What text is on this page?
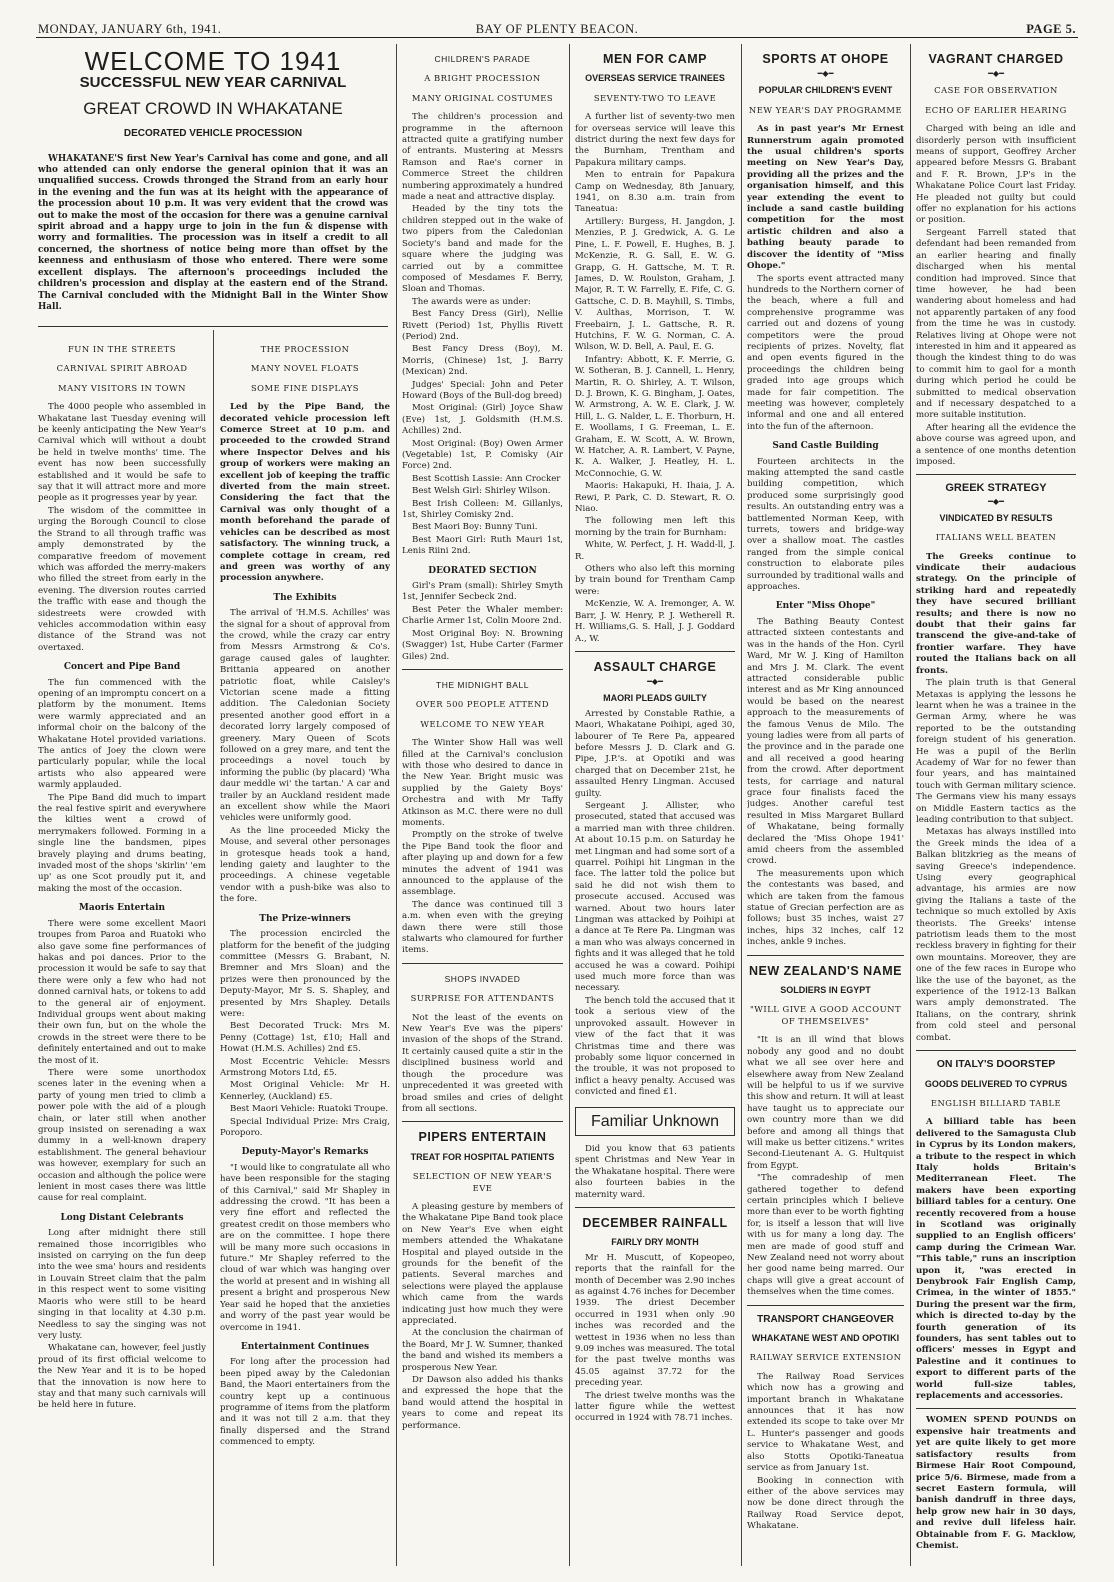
MONDAY, JANUARY 6th, 1941.	BAY OF PLENTY BEACON.	PAGE 5.
WELCOME TO 1941
SUCCESSFUL NEW YEAR CARNIVAL
GREAT CROWD IN WHAKATANE
DECORATED VEHICLE PROCESSION

WHAKATANE'S first New Year's Carnival has come and gone, and all who attended can only endorse the general opinion that it was an unqualified success. Crowds thronged the Strand from an early hour in the evening and the fun was at its height with the appearance of the procession about 10 p.m. It was very evident that the crowd was out to make the most of the occasion for there was a genuine carnival spirit abroad and a happy urge to join in the fun & dispense with worry and formalities. The procession was in itself a credit to all concerned, the shortness of notice being more than offset by the keenness and enthusiasm of those who entered. There were some excellent displays. The afternoon's proceedings included the children's procession and display at the eastern end of the Strand. The Carnival concluded with the Midnight Ball in the Winter Show Hall.

FUN IN THE STREETS
CARNIVAL SPIRIT ABROAD
MANY VISITORS IN TOWN

The 4000 people who assembled in Whakatane last Tuesday evening will be keenly anticipating the New Year's Carnival which will without a doubt be held in twelve months' time. The event has now been successfully established and it would be safe to say that it will attract more and more people as it progresses year by year.

The wisdom of the committee in urging the Borough Council to close the Strand to all through traffic was amply demonstrated by the comparative freedom of movement which was afforded the merry-makers who filled the street from early in the evening. The diversion routes carried the traffic with ease and though the sidestreets were crowded with vehicles accommodation within easy distance of the Strand was not overtaxed.

Concert and Pipe Band

The fun commenced with the opening of an impromptu concert on a platform by the monument. Items were warmly appreciated and an informal choir on the balcony of the Whakatane Hotel provided variations. The antics of Joey the clown were particularly popular, while the local artists who also appeared were warmly applauded.

The Pipe Band did much to impart the real festive spirit and everywhere the kilties went a crowd of merrymakers followed. Forming in a single line the bandsmen, pipes bravely playing and drums beating, invaded most of the shops 'skirlin' 'em up' as one Scot proudly put it, and making the most of the occasion.

Maoris Entertain

There were some excellent Maori troupes from Paroa and Ruatoki who also gave some fine performances of hakas and poi dances. Prior to the procession it would be safe to say that there were only a few who had not donned carnival hats, or tokens to add to the general air of enjoyment. Individual groups went about making their own fun, but on the whole the crowds in the street were there to be definitely entertained and out to make the most of it.

There were some unorthodox scenes later in the evening when a party of young men tried to climb a power pole with the aid of a plough chain, or later still when another group insisted on serenading a wax dummy in a well-known drapery establishment. The general behaviour was however, exemplary for such an occasion and although the police were lenient in most cases there was little cause for real complaint.

Long Distant Celebrants

Long after midnight there still remained those incorrigibles who insisted on carrying on the fun deep into the wee sma' hours and residents in Louvain Street claim that the palm in this respect went to some visiting Maoris who were still to be heard singing in that locality at 4.30 p.m. Needless to say the singing was not very lusty.

Whakatane can, however, feel justly proud of its first official welcome to the New Year and it is to be hoped that the innovation is now here to stay and that many such carnivals will be held here in future.

THE PROCESSION
MANY NOVEL FLOATS
SOME FINE DISPLAYS

Led by the Pipe Band, the decorated vehicle procession left Comerce Street at 10 p.m. and proceeded to the crowded Strand where Inspector Delves and his group of workers were making an excellent job of keeping the traffic diverted from the main street. Considering the fact that the Carnival was only thought of a month beforehand the parade of vehicles can be described as most satisfactory. The winning truck, a complete cottage in cream, red and green was worthy of any procession anywhere.

The Exhibits

The arrival of 'H.M.S. Achilles' was the signal for a shout of approval from the crowd, while the crazy car entry from Messrs Armstrong & Co's. garage caused gales of laughter. Brittania appeared on another patriotic float, while Caisley's Victorian scene made a fitting addition. The Caledonian Society presented another good effort in a decorated lorry largely composed of greenery. Mary Queen of Scots followed on a grey mare, and tent the proceedings a novel touch by informing the public (by placard) 'Wha daur meddle wi' the tartan.' A car and trailer by an Auckland resident made an excellent show while the Maori vehicles were uniformly good.

As the line proceeded Micky the Mouse, and several other personages in grotesque heads took a hand, lending gaiety and laughter to the proceedings. A chinese vegetable vendor with a push-bike was also to the fore.

The Prize-winners

The procession encircled the platform for the benefit of the judging committee (Messrs G. Brabant, N. Bremner and Mrs Sloan) and the prizes were then pronounced by the Deputy-Mayor, Mr S. S. Shapley, and presented by Mrs Shapley. Details were:

Best Decorated Truck: Mrs M. Penny (Cottage) 1st, £10; Hall and Howat (H.M.S. Achilles) 2nd £5.

Most Eccentric Vehicle: Messrs Armstrong Motors Ltd, £5.

Most Original Vehicle: Mr H. Kennerley, (Auckland) £5.

Best Maori Vehicle: Ruatoki Troupe.

Special Individual Prize: Mrs Craig, Poroporo.

Deputy-Mayor's Remarks

"I would like to congratulate all who have been responsible for the staging of this Carnival," said Mr Shapley in addressing the crowd. "It has been a very fine effort and reflected the greatest credit on those members who are on the committee. I hope there will be many more such occasions in future." Mr Shapley referred to the cloud of war which was hanging over the world at present and in wishing all present a bright and prosperous New Year said he hoped that the anxieties and worry of the past year would be overcome in 1941.

Entertainment Continues

For long after the procession had been piped away by the Caledonian Band, the Maori entertainers from the country kept up a continuous programme of items from the platform and it was not till 2 a.m. that they finally dispersed and the Strand commenced to empty.

CHILDREN'S PARADE
A BRIGHT PROCESSION
MANY ORIGINAL COSTUMES

The children's procession and programme in the afternoon attracted quite a gratifying number of entrants. Mustering at Messrs Ramson and Rae's corner in Commerce Street the children numbering approximately a hundred made a neat and attractive display.

Headed by the tiny tots the children stepped out in the wake of two pipers from the Caledonian Society's band and made for the square where the judging was carried out by a committee composed of Mesdames F. Berry, Sloan and Thomas.

The awards were as under:

Best Fancy Dress (Girl), Nellie Rivett (Period) 1st, Phyllis Rivett (Period) 2nd.

Best Fancy Dress (Boy), M. Morris, (Chinese) 1st, J. Barry (Mexican) 2nd.

Judges' Special: John and Peter Howard (Boys of the Bull-dog breed)

Most Original: (Girl) Joyce Shaw (Eve) 1st, J. Goldsmith (H.M.S. Achilles) 2nd.

Most Original: (Boy) Owen Armer (Vegetable) 1st, P. Comisky (Air Force) 2nd.

Best Scottish Lassie: Ann Crocker

Best Welsh Girl: Shirley Wilson.

Best Irish Colleen: M. Gillanlys, 1st, Shirley Comisky 2nd.

Best Maori Boy: Bunny Tuni.

Best Maori Girl: Ruth Mauri 1st, Lenis Riini 2nd.

DEORATED SECTION

Girl's Pram (small): Shirley Smyth 1st, Jennifer Secbeck 2nd.

Best Peter the Whaler member: Charlie Armer 1st, Colin Moore 2nd.

Most Original Boy: N. Browning (Swagger) 1st, Hube Carter (Farmer Giles) 2nd.

THE MIDNIGHT BALL
OVER 500 PEOPLE ATTEND
WELCOME TO NEW YEAR

The Winter Show Hall was well filled at the Carnival's conclusion with those who desired to dance in the New Year. Bright music was supplied by the Gaiety Boys' Orchestra and with Mr Taffy Atkinson as M.C. there were no dull moments.

Promptly on the stroke of twelve the Pipe Band took the floor and after playing up and down for a few minutes the advent of 1941 was announced to the applause of the assemblage.

The dance was continued till 3 a.m. when even with the greying dawn there were still those stalwarts who clamoured for further items.

SHOPS INVADED
SURPRISE FOR ATTENDANTS

Not the least of the events on New Year's Eve was the pipers' invasion of the shops of the Strand. It certainly caused quite a stir in the disciplined business world and though the procedure was unprecedented it was greeted with broad smiles and cries of delight from all sections.

PIPERS ENTERTAIN
TREAT FOR HOSPITAL PATIENTS
SELECTION OF NEW YEAR'S EVE

A pleasing gesture by members of the Whakatane Pipe Band took place on New Year's Eve when eight members attended the Whakatane Hospital and played outside in the grounds for the benefit of the patients. Several marches and selections were played the applause which came from the wards indicating just how much they were appreciated.

At the conclusion the chairman of the Board, Mr J. W. Sumner, thanked the band and wished its members a prosperous New Year.

Dr Dawson also added his thanks and expressed the hope that the band would attend the hospital in years to come and repeat its performance.

MEN FOR CAMP
OVERSEAS SERVICE TRAINEES
SEVENTY-TWO TO LEAVE

A further list of seventy-two men for overseas service will leave this district during the next few days for the Burnham, Trentham and Papakura military camps.

Men to entrain for Papakura Camp on Wednesday, 8th January, 1941, on 8.30 a.m. train from Taneatua:

Artillery: Burgess, H. Jangdon, J. Menzies, P. J. Gredwick, A. G. Le Pine, L. F. Powell, E. Hughes, B. J. McKenzie, R. G. Sall, E. W. G. Grapp, G. H. Gattsche, M. T. R. James, D. W. Roulston, Graham, J. Major, R. T. W. Farrelly, E. Fife, C. G. Gattsche, C. D. B. Mayhill, S. Timbs, V. Aulthas, Morrison, T. W. Freebairn, J. L. Gattsche, R. R. Hutchins, F. W. G. Norman, C. A. Wilson, W. D. Bell, A. Paul, E. G.

Infantry: Abbott, K. F. Merrie, G. W. Sotheran, B. J. Cannell, L. Henry, Martin, R. O. Shirley, A. T. Wilson, D. J. Brown, K. G. Bingham, J. Oates, W. Armstrong, A. W. E. Clark, J. W. Hill, L. G. Nalder, L. E. Thorburn, H. E. Woollams, I G. Freeman, L. E. Graham, E. W. Scott, A. W. Brown, W. Hatcher, A. R. Lambert, V. Payne, K. A. Walker, J. Heatley, H. L. McConnochie, G. W.

Maoris: Hakapuki, H. Ihaia, J. A. Rewi, P. Park, C. D. Stewart, R. O. Niao.

The following men left this morning by the train for Burnham:

White, W. Perfect, J. H. Wadd-ll, J. R.

Others who also left this morning by train bound for Trentham Camp were:

McKenzie, W. A. Iremonger, A. W. Barr, J. W. Henry, P. J. Wetherell R. H. Williams,G. S. Hall, J. J. Goddard A., W.

ASSAULT CHARGE
━◆━
MAORI PLEADS GUILTY

Arrested by Constable Rathie, a Maori, Whakatane Poihipi, aged 30, labourer of Te Rere Pa, appeared before Messrs J. D. Clark and G. Pipe, J.P.'s. at Opotiki and was charged that on December 21st, he assaulted Henry Lingman. Accused guilty.

Sergeant J. Allister, who prosecuted, stated that accused was a married man with three children. At about 10.15 p.m. on Saturday he met Lingman and had some sort of a quarrel. Poihipi hit Lingman in the face. The latter told the police but said he did not wish them to prosecute accused. Accused was warned. About two hours later Lingman was attacked by Poihipi at a dance at Te Rere Pa. Lingman was a man who was always concerned in fights and it was alleged that he told accused he was a coward. Poihipi used much more force than was necessary.

The bench told the accused that it took a serious view of the unprovoked assault. However in view of the fact that it was Christmas time and there was probably some liquor concerned in the trouble, it was not proposed to inflict a heavy penalty. Accused was convicted and fined £1.

Familiar Unknown

Did you know that 63 patients spent Christmas and New Year in the Whakatane hospital. There were also fourteen babies in the maternity ward.

DECEMBER RAINFALL
FAIRLY DRY MONTH

Mr H. Muscutt, of Kopeopeo, reports that the rainfall for the month of December was 2.90 inches as against 4.76 inches for December 1939. The driest December occurred in 1931 when only .90 inches was recorded and the wettest in 1936 when no less than 9.09 inches was measured. The total for the past twelve months was 45.05 against 37.72 for the preceding year.

The driest twelve months was the latter figure while the wettest occurred in 1924 with 78.71 inches.

SPORTS AT OHOPE
━◆━
POPULAR CHILDREN'S EVENT
NEW YEAR'S DAY PROGRAMME

As in past year's Mr Ernest Runnerstrum again promoted the usual children's sports meeting on New Year's Day, providing all the prizes and the organisation himself, and this year extending the event to include a sand castle building competition for the most artistic children and also a bathing beauty parade to discover the identity of "Miss Ohope."

The sports event attracted many hundreds to the Northern corner of the beach, where a full and comprehensive programme was carried out and dozens of young competitors were the proud recipients of prizes. Novelty, flat and open events figured in the proceedings the children being graded into age groups which made for fair competition. The meeting was however, completely informal and one and all entered into the fun of the afternoon.

Sand Castle Building

Fourteen architects in the making attempted the sand castle building competition, which produced some surprisingly good results. An outstanding entry was a battlemented Norman Keep, with turrets, towers and bridge-way over a shallow moat. The castles ranged from the simple conical construction to elaborate piles surrounded by traditional walls and approaches.

Enter "Miss Ohope"

The Bathing Beauty Contest attracted sixteen contestants and was in the hands of the Hon. Cyril Ward, Mr W. J. King of Hamilton and Mrs J. M. Clark. The event attracted considerable public interest and as Mr King announced would be based on the nearest approach to the measurements of the famous Venus de Milo. The young ladies were from all parts of the province and in the parade one and all received a good hearing from the crowd. After deportment tests, for carriage and natural grace four finalists faced the judges. Another careful test resulted in Miss Margaret Bullard of Whakatane, being formally declared the 'Miss Ohope 1941' amid cheers from the assembled crowd.

The measurements upon which the contestants was based, and which are taken from the famous statue of Grecian perfection are as follows; bust 35 inches, waist 27 inches, hips 32 inches, calf 12 inches, ankle 9 inches.

NEW ZEALAND'S NAME
SOLDIERS IN EGYPT
"WILL GIVE A GOOD ACCOUNT OF THEMSELVES"

"It is an ill wind that blows nobody any good and no doubt what we all see over here and elsewhere away from New Zealand will be helpful to us if we survive this show and return. It will at least have taught us to appreciate our own country more than we did before and among all things that will make us better citizens." writes Second-Lieutenant A. G. Hultquist from Egypt.

"The comradeship of men gathered together to defend certain principles which I believe more than ever to be worth fighting for, is itself a lesson that will live with us for many a long day. The men are made of good stuff and New Zealand need not worry about her good name being marred. Our chaps will give a great account of themselves when the time comes.

TRANSPORT CHANGEOVER
WHAKATANE WEST AND OPOTIKI
RAILWAY SERVICE EXTENSION

The Railway Road Services which now has a growing and important branch in Whakatane announces that it has now extended its scope to take over Mr L. Hunter's passenger and goods service to Whakatane West, and also Stotts Opotiki-Taneatua service as from January 1st.

Booking in connection with either of the above services may now be done direct through the Railway Road Service depot, Whakatane.

VAGRANT CHARGED
━◆━
CASE FOR OBSERVATION
ECHO OF EARLIER HEARING

Charged with being an idle and disorderly person with insufficient means of support, Geoffrey Archer appeared before Messrs G. Brabant and F. R. Brown, J.P's in the Whakatane Police Court last Friday. He pleaded not guilty but could offer no explanation for his actions or position.

Sergeant Farrell stated that defendant had been remanded from an earlier hearing and finally discharged when his mental condition had improved. Since that time however, he had been wandering about homeless and had not apparently partaken of any food from the time he was in custody. Relatives living at Ohope were not interested in him and it appeared as though the kindest thing to do was to commit him to gaol for a month during which period he could be submitted to medical observation and if necessary despatched to a more suitable institution.

After hearing all the evidence the above course was agreed upon, and a sentence of one months detention imposed.

GREEK STRATEGY
━◆━
VINDICATED BY RESULTS
ITALIANS WELL BEATEN

The Greeks continue to vindicate their audacious strategy. On the principle of striking hard and repeatedly they have secured brilliant results; and there is now no doubt that their gains far transcend the give-and-take of frontier warfare. They have routed the Italians back on all fronts.

The plain truth is that General Metaxas is applying the lessons he learnt when he was a trainee in the German Army, where he was reported to be the outstanding foreign student of his generation. He was a pupil of the Berlin Academy of War for no fewer than four years, and has maintained touch with German military science. The Germans view his many essays on Middle Eastern tactics as the leading contribution to that subject.

Metaxas has always instilled into the Greek minds the idea of a Balkan blitzkrieg as the means of saving Greece's independence. Using every geographical advantage, his armies are now giving the Italians a taste of the technique so much extolled by Axis theorists. The Greeks' intense patriotism leads them to the most reckless bravery in fighting for their own mountains. Moreover, they are one of the few races in Europe who like the use of the bayonet, as the experience of the 1912-13 Balkan wars amply demonstrated. The Italians, on the contrary, shrink from cold steel and personal combat.

ON ITALY'S DOORSTEP
GOODS DELIVERED TO CYPRUS
ENGLISH BILLIARD TABLE

A billiard table has been delivered to the Samagusta Club in Cyprus by its London makers, a tribute to the respect in which Italy holds Britain's Mediterranean Fleet. The makers have been exporting billiard tables for a century. One recently recovered from a house in Scotland was originally supplied to an English officers' camp during the Crimean War. "This table," runs an inscription upon it, "was erected in Denybrook Fair English Camp, Crimea, in the winter of 1855." During the present war the firm, which is directed to-day by the fourth generation of its founders, has sent tables out to officers' messes in Egypt and Palestine and it continues to export to different parts of the world full-size tables, replacements and accessories.

WOMEN SPEND POUNDS on expensive hair treatments and yet are quite likely to get more satisfactory results from Birmese Hair Root Compound, price 5/6. Birmese, made from a secret Eastern formula, will banish dandruff in three days, help grow new hair in 30 days, and revive dull lifeless hair. Obtainable from F. G. Macklow, Chemist.
